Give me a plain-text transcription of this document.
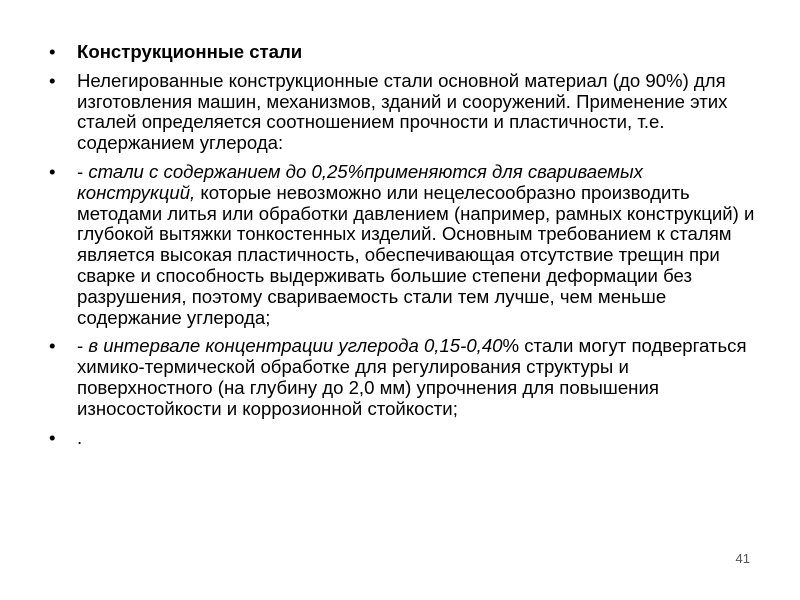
• Конструкционные стали
• Нелегированные конструкционные стали основной материал (до 90%) для изготовления машин, механизмов, зданий и сооружений. Применение этих сталей определяется соотношением прочности и пластичности, т.е. содержанием углерода:
• - стали с содержанием до 0,25%применяются для свариваемых конструкций, которые невозможно или нецелесообразно производить методами литья или обработки давлением (например, рамных конструкций) и глубокой вытяжки тонкостенных изделий. Основным требованием к сталям является высокая пластичность, обеспечивающая отсутствие трещин при сварке и способность выдерживать большие степени деформации без разрушения, поэтому свариваемость стали тем лучше, чем меньше содержание углерода;
• - в интервале концентрации углерода 0,15-0,40% стали могут подвергаться химико-термической обработке для регулирования структуры и поверхностного (на глубину до 2,0 мм) упрочнения для повышения износостойкости и коррозионной стойкости;
• .
41
